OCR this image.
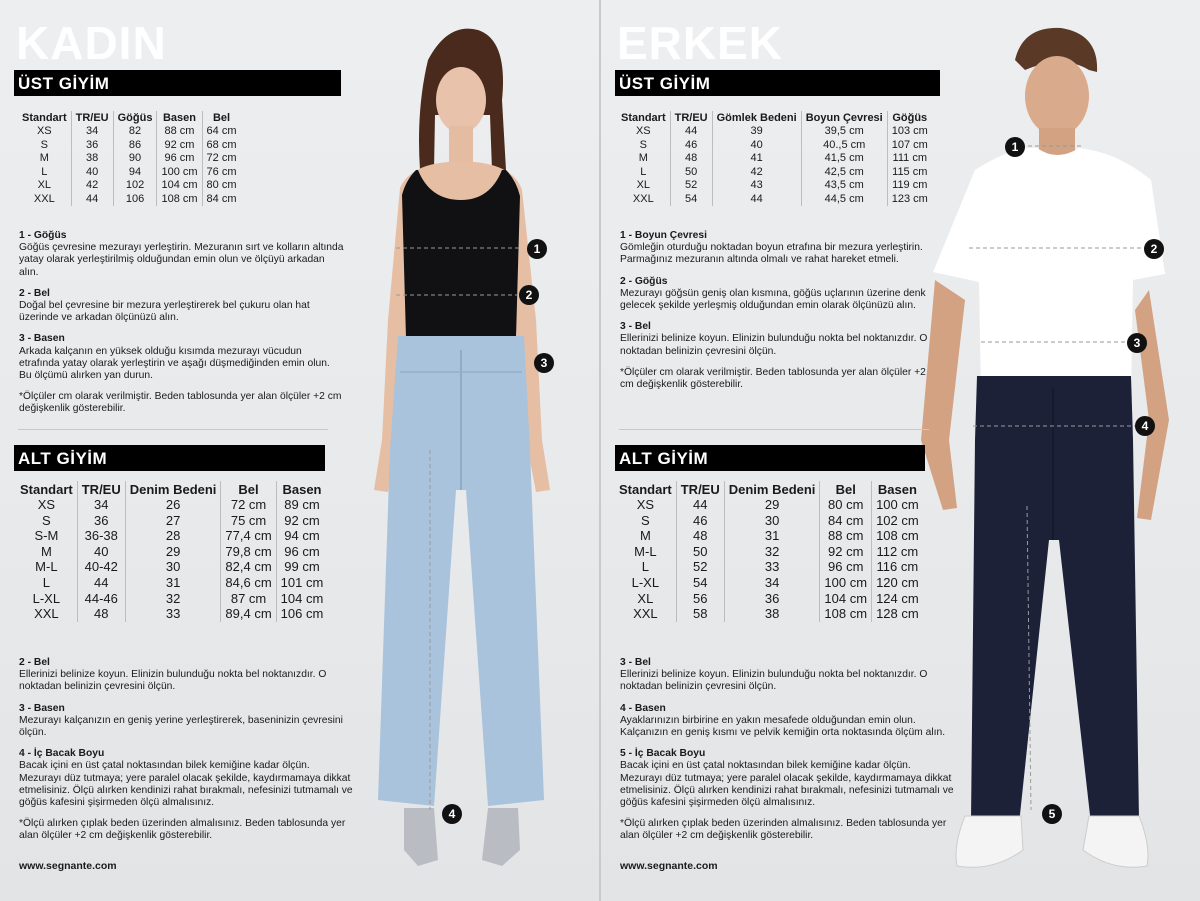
KADIN
ÜST GİYİM
Standart	TR/EU	Göğüs	Basen	Bel
XS	34	82	88 cm	64 cm
S	36	86	92 cm	68 cm
M	38	90	96 cm	72 cm
L	40	94	100 cm	76 cm
XL	42	102	104 cm	80 cm
XXL	44	106	108 cm	84 cm

1 - Göğüs
Göğüs çevresine mezurayı yerleştirin. Mezuranın sırt ve kolların altında yatay olarak yerleştirilmiş olduğundan emin olun ve ölçüyü arkadan alın.

2 - Bel
Doğal bel çevresine bir mezura yerleştirerek bel çukuru olan hat üzerinde ve arkadan ölçünüzü alın.

3 - Basen
Arkada kalçanın en yüksek olduğu kısımda mezurayı vücudun etrafında yatay olarak yerleştirin ve aşağı düşmediğinden emin olun. Bu ölçümü alırken yan durun.

*Ölçüler cm olarak verilmiştir. Beden tablosunda yer alan ölçüler +2 cm değişkenlik gösterebilir.

ALT GİYİM
Standart	TR/EU	Denim Bedeni	Bel	Basen
XS	34	26	72 cm	89 cm
S	36	27	75 cm	92 cm
S-M	36-38	28	77,4 cm	94 cm
M	40	29	79,8 cm	96 cm
M-L	40-42	30	82,4 cm	99 cm
L	44	31	84,6 cm	101 cm
L-XL	44-46	32	87 cm	104 cm
XXL	48	33	89,4 cm	106 cm

2 - Bel
Ellerinizi belinize koyun. Elinizin bulunduğu nokta bel noktanızdır. O noktadan belinizin çevresini ölçün.

3 - Basen
Mezurayı kalçanızın en geniş yerine yerleştirerek, baseninizin çevresini ölçün.

4 - İç Bacak Boyu
Bacak içini en üst çatal noktasından bilek kemiğine kadar ölçün. Mezurayı düz tutmaya; yere paralel olacak şekilde, kaydırmamaya dikkat etmelisiniz. Ölçü alırken kendinizi rahat bırakmalı, nefesinizi tutmamalı ve göğüs kafesini şişirmeden ölçü almalısınız.

*Ölçü alırken çıplak beden üzerinden almalısınız. Beden tablosunda yer alan ölçüler +2 cm değişkenlik gösterebilir.

www.segnante.com
1
2
3
4
ERKEK
ÜST GİYİM
Standart	TR/EU	Gömlek Bedeni	Boyun Çevresi	Göğüs
XS	44	39	39,5 cm	103 cm
S	46	40	40.,5 cm	107 cm
M	48	41	41,5 cm	111 cm
L	50	42	42,5 cm	115 cm
XL	52	43	43,5 cm	119 cm
XXL	54	44	44,5 cm	123 cm

1 - Boyun Çevresi
Gömleğin oturduğu noktadan boyun etrafına bir mezura yerleştirin. Parmağınız mezuranın altında olmalı ve rahat hareket etmeli.

2 - Göğüs
Mezurayı göğsün geniş olan kısmına, göğüs uçlarının üzerine denk gelecek şekilde yerleşmiş olduğundan emin olarak ölçünüzü alın.

3 - Bel
Ellerinizi belinize koyun. Elinizin bulunduğu nokta bel noktanızdır. O noktadan belinizin çevresini ölçün.

*Ölçüler cm olarak verilmiştir. Beden tablosunda yer alan ölçüler +2 cm değişkenlik gösterebilir.

ALT GİYİM
Standart	TR/EU	Denim Bedeni	Bel	Basen
XS	44	29	80 cm	100 cm
S	46	30	84 cm	102 cm
M	48	31	88 cm	108 cm
M-L	50	32	92 cm	112 cm
L	52	33	96 cm	116 cm
L-XL	54	34	100 cm	120 cm
XL	56	36	104 cm	124 cm
XXL	58	38	108 cm	128 cm

3 - Bel
Ellerinizi belinize koyun. Elinizin bulunduğu nokta bel noktanızdır. O noktadan belinizin çevresini ölçün.

4 - Basen
Ayaklarınızın birbirine en yakın mesafede olduğundan emin olun. Kalçanızın en geniş kısmı ve pelvik kemiğin orta noktasında ölçüm alın.

5 - İç Bacak Boyu
Bacak içini en üst çatal noktasından bilek kemiğine kadar ölçün. Mezurayı düz tutmaya; yere paralel olacak şekilde, kaydırmamaya dikkat etmelisiniz. Ölçü alırken kendinizi rahat bırakmalı, nefesinizi tutmamalı ve göğüs kafesini şişirmeden ölçü almalısınız.

*Ölçü alırken çıplak beden üzerinden almalısınız. Beden tablosunda yer alan ölçüler +2 cm değişkenlik gösterebilir.

www.segnante.com
1
2
3
4
5
